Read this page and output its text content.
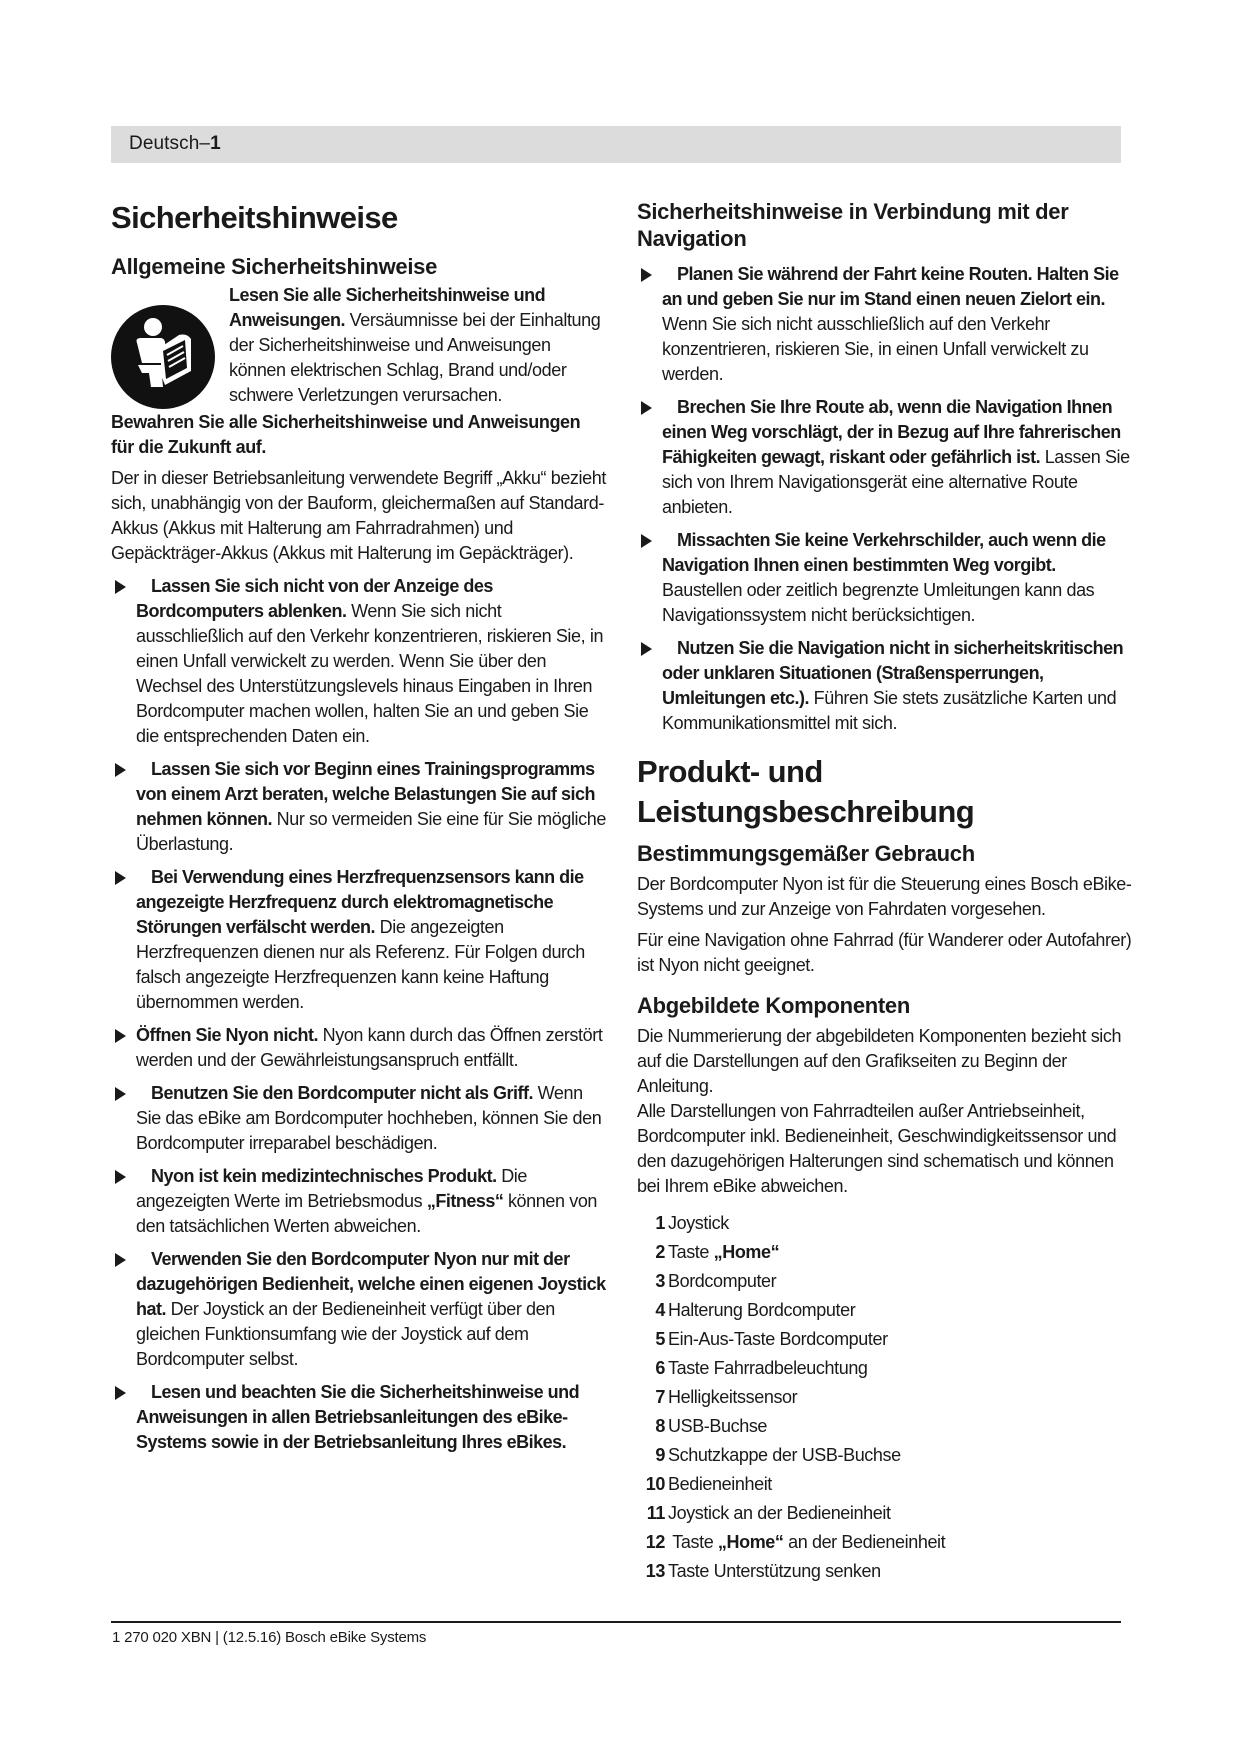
Deutsch–1

Sicherheitshinweise

Allgemeine Sicherheitshinweise

Lesen Sie alle Sicherheitshinweise und Anweisungen. Versäumnisse bei der Einhaltung der Sicherheitshinweise und Anweisungen können elektrischen Schlag, Brand und/oder schwere Verletzungen verursachen.

Bewahren Sie alle Sicherheitshinweise und Anweisungen für die Zukunft auf.

Der in dieser Betriebsanleitung verwendete Begriff „Akku“ bezieht sich, unabhängig von der Bauform, gleichermaßen auf Standard-Akkus (Akkus mit Halterung am Fahrradrahmen) und Gepäckträger-Akkus (Akkus mit Halterung im Gepäckträger).

Lassen Sie sich nicht von der Anzeige des Bordcomputers ablenken. Wenn Sie sich nicht ausschließlich auf den Verkehr konzentrieren, riskieren Sie, in einen Unfall verwickelt zu werden. Wenn Sie über den Wechsel des Unterstützungslevels hinaus Eingaben in Ihren Bordcomputer machen wollen, halten Sie an und geben Sie die entsprechenden Daten ein.
Lassen Sie sich vor Beginn eines Trainingsprogramms von einem Arzt beraten, welche Belastungen Sie auf sich nehmen können. Nur so vermeiden Sie eine für Sie mögliche Überlastung.
Bei Verwendung eines Herzfrequenzsensors kann die angezeigte Herzfrequenz durch elektromagnetische Störungen verfälscht werden. Die angezeigten Herzfrequenzen dienen nur als Referenz. Für Folgen durch falsch angezeigte Herzfrequenzen kann keine Haftung übernommen werden.
Öffnen Sie Nyon nicht. Nyon kann durch das Öffnen zerstört werden und der Gewährleistungsanspruch entfällt.
Benutzen Sie den Bordcomputer nicht als Griff. Wenn Sie das eBike am Bordcomputer hochheben, können Sie den Bordcomputer irreparabel beschädigen.
Nyon ist kein medizintechnisches Produkt. Die angezeigten Werte im Betriebsmodus „Fitness“ können von den tatsächlichen Werten abweichen.
Verwenden Sie den Bordcomputer Nyon nur mit der dazugehörigen Bedienheit, welche einen eigenen Joystick hat. Der Joystick an der Bedieneinheit verfügt über den gleichen Funktionsumfang wie der Joystick auf dem Bordcomputer selbst.
Lesen und beachten Sie die Sicherheitshinweise und Anweisungen in allen Betriebsanleitungen des eBike-Systems sowie in der Betriebsanleitung Ihres eBikes.

Sicherheitshinweise in Verbindung mit der Navigation

Planen Sie während der Fahrt keine Routen. Halten Sie an und geben Sie nur im Stand einen neuen Zielort ein. Wenn Sie sich nicht ausschließlich auf den Verkehr konzentrieren, riskieren Sie, in einen Unfall verwickelt zu werden.
Brechen Sie Ihre Route ab, wenn die Navigation Ihnen einen Weg vorschlägt, der in Bezug auf Ihre fahrerischen Fähigkeiten gewagt, riskant oder gefährlich ist. Lassen Sie sich von Ihrem Navigationsgerät eine alternative Route anbieten.
Missachten Sie keine Verkehrschilder, auch wenn die Navigation Ihnen einen bestimmten Weg vorgibt. Baustellen oder zeitlich begrenzte Umleitungen kann das Navigationssystem nicht berücksichtigen.
Nutzen Sie die Navigation nicht in sicherheitskritischen oder unklaren Situationen (Straßensperrungen, Umleitungen etc.). Führen Sie stets zusätzliche Karten und Kommunikationsmittel mit sich.

Produkt- und Leistungsbeschreibung

Bestimmungsgemäßer Gebrauch

Der Bordcomputer Nyon ist für die Steuerung eines Bosch eBike-Systems und zur Anzeige von Fahrdaten vorgesehen.

Für eine Navigation ohne Fahrrad (für Wanderer oder Autofahrer) ist Nyon nicht geeignet.

Abgebildete Komponenten

Die Nummerierung der abgebildeten Komponenten bezieht sich auf die Darstellungen auf den Grafikseiten zu Beginn der Anleitung.

Alle Darstellungen von Fahrradteilen außer Antriebseinheit, Bordcomputer inkl. Bedieneinheit, Geschwindigkeitssensor und den dazugehörigen Halterungen sind schematisch und können bei Ihrem eBike abweichen.

1 Joystick
2 Taste „Home“
3 Bordcomputer
4 Halterung Bordcomputer
5 Ein-Aus-Taste Bordcomputer
6 Taste Fahrradbeleuchtung
7 Helligkeitssensor
8 USB-Buchse
9 Schutzkappe der USB-Buchse
10 Bedieneinheit
11 Joystick an der Bedieneinheit
12 Taste „Home“ an der Bedieneinheit
13 Taste Unterstützung senken
1 270 020 XBN | (12.5.16) Bosch eBike Systems
